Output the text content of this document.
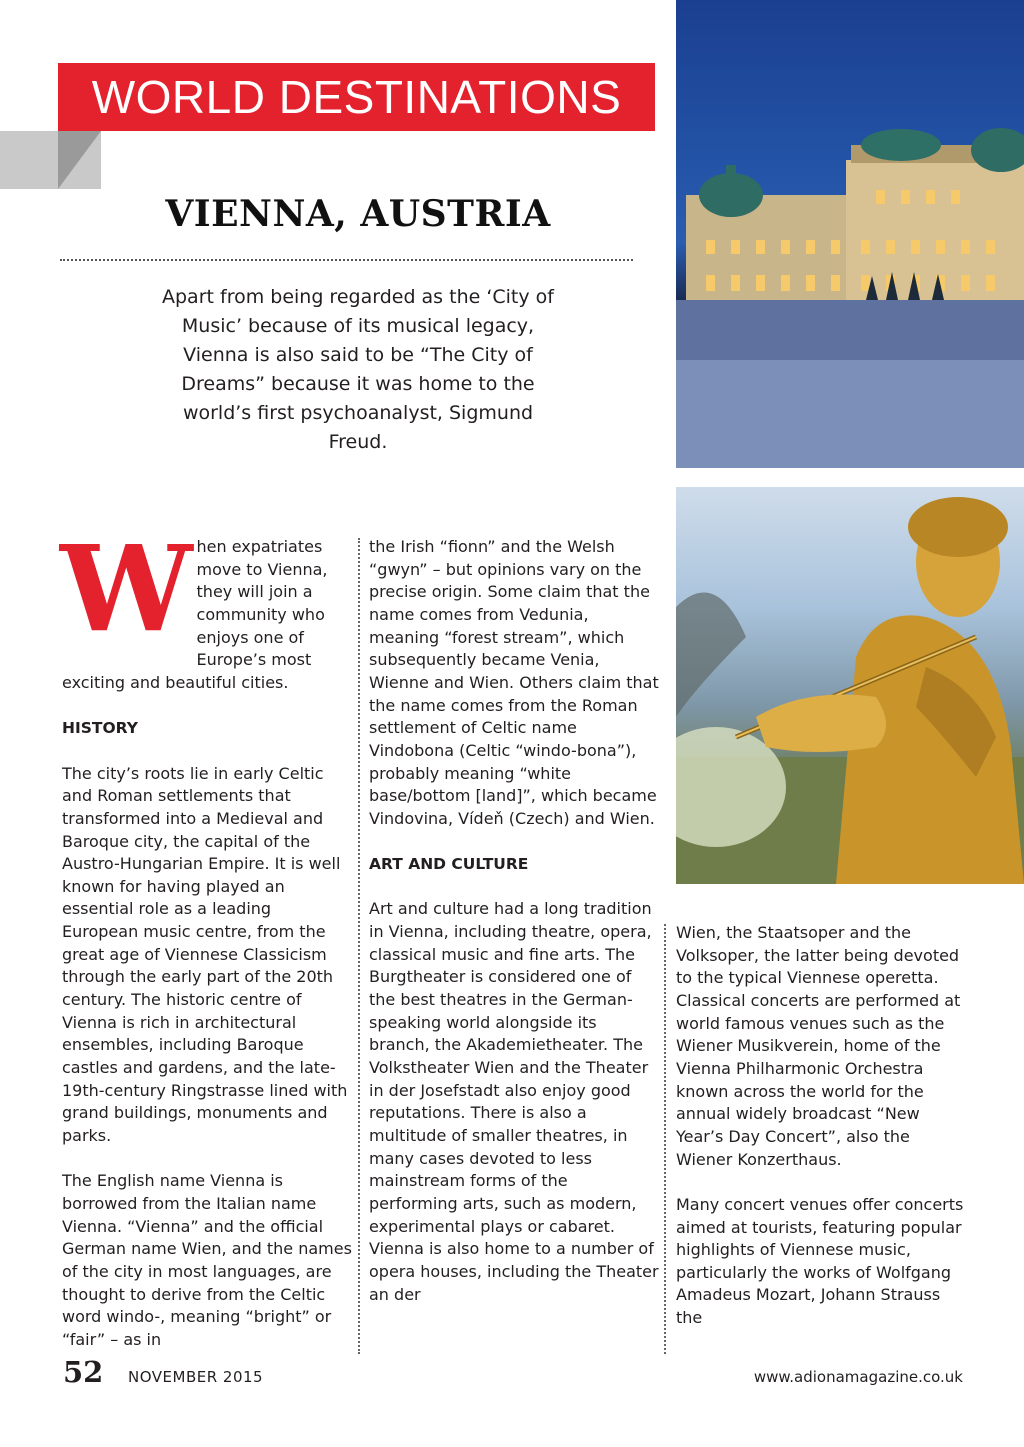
WORLD DESTINATIONS
VIENNA, AUSTRIA
Apart from being regarded as the ‘City of Music’ because of its musical legacy, Vienna is also said to be “The City of Dreams” because it was home to the world’s first psychoanalyst, Sigmund Freud.
W hen expatriates move to Vienna, they will join a community who enjoys one of Europe’s most exciting and beautiful cities.

HISTORY

The city’s roots lie in early Celtic and Roman settlements that transformed into a Medieval and Baroque city, the capital of the Austro-Hungarian Empire. It is well known for having played an essential role as a leading European music centre, from the great age of Viennese Classicism through the early part of the 20th century. The historic centre of Vienna is rich in architectural ensembles, including Baroque castles and gardens, and the late-19th-century Ringstrasse lined with grand buildings, monuments and parks.

The English name Vienna is borrowed from the Italian name Vienna. “Vienna” and the official German name Wien, and the names of the city in most languages, are thought to derive from the Celtic word windo-, meaning “bright” or “fair” – as in

the Irish “fionn” and the Welsh “gwyn” – but opinions vary on the precise origin. Some claim that the name comes from Vedunia, meaning “forest stream”, which subsequently became Venia, Wienne and Wien. Others claim that the name comes from the Roman settlement of Celtic name Vindobona (Celtic “windo-bona”), probably meaning “white base/bottom [land]”, which became Vindovina, Vídeň (Czech) and Wien.

ART AND CULTURE

Art and culture had a long tradition in Vienna, including theatre, opera, classical music and fine arts. The Burgtheater is considered one of the best theatres in the German-speaking world alongside its branch, the Akademietheater. The Volkstheater Wien and the Theater in der Josefstadt also enjoy good reputations. There is also a multitude of smaller theatres, in many cases devoted to less mainstream forms of the performing arts, such as modern, experimental plays or cabaret. Vienna is also home to a number of opera houses, including the Theater an der

Wien, the Staatsoper and the Volksoper, the latter being devoted to the typical Viennese operetta. Classical concerts are performed at world famous venues such as the Wiener Musikverein, home of the Vienna Philharmonic Orchestra known across the world for the annual widely broadcast “New Year’s Day Concert”, also the Wiener Konzerthaus.

Many concert venues offer concerts aimed at tourists, featuring popular highlights of Viennese music, particularly the works of Wolfgang Amadeus Mozart, Johann Strauss the

52 NOVEMBER 2015	www.adionamagazine.co.uk
